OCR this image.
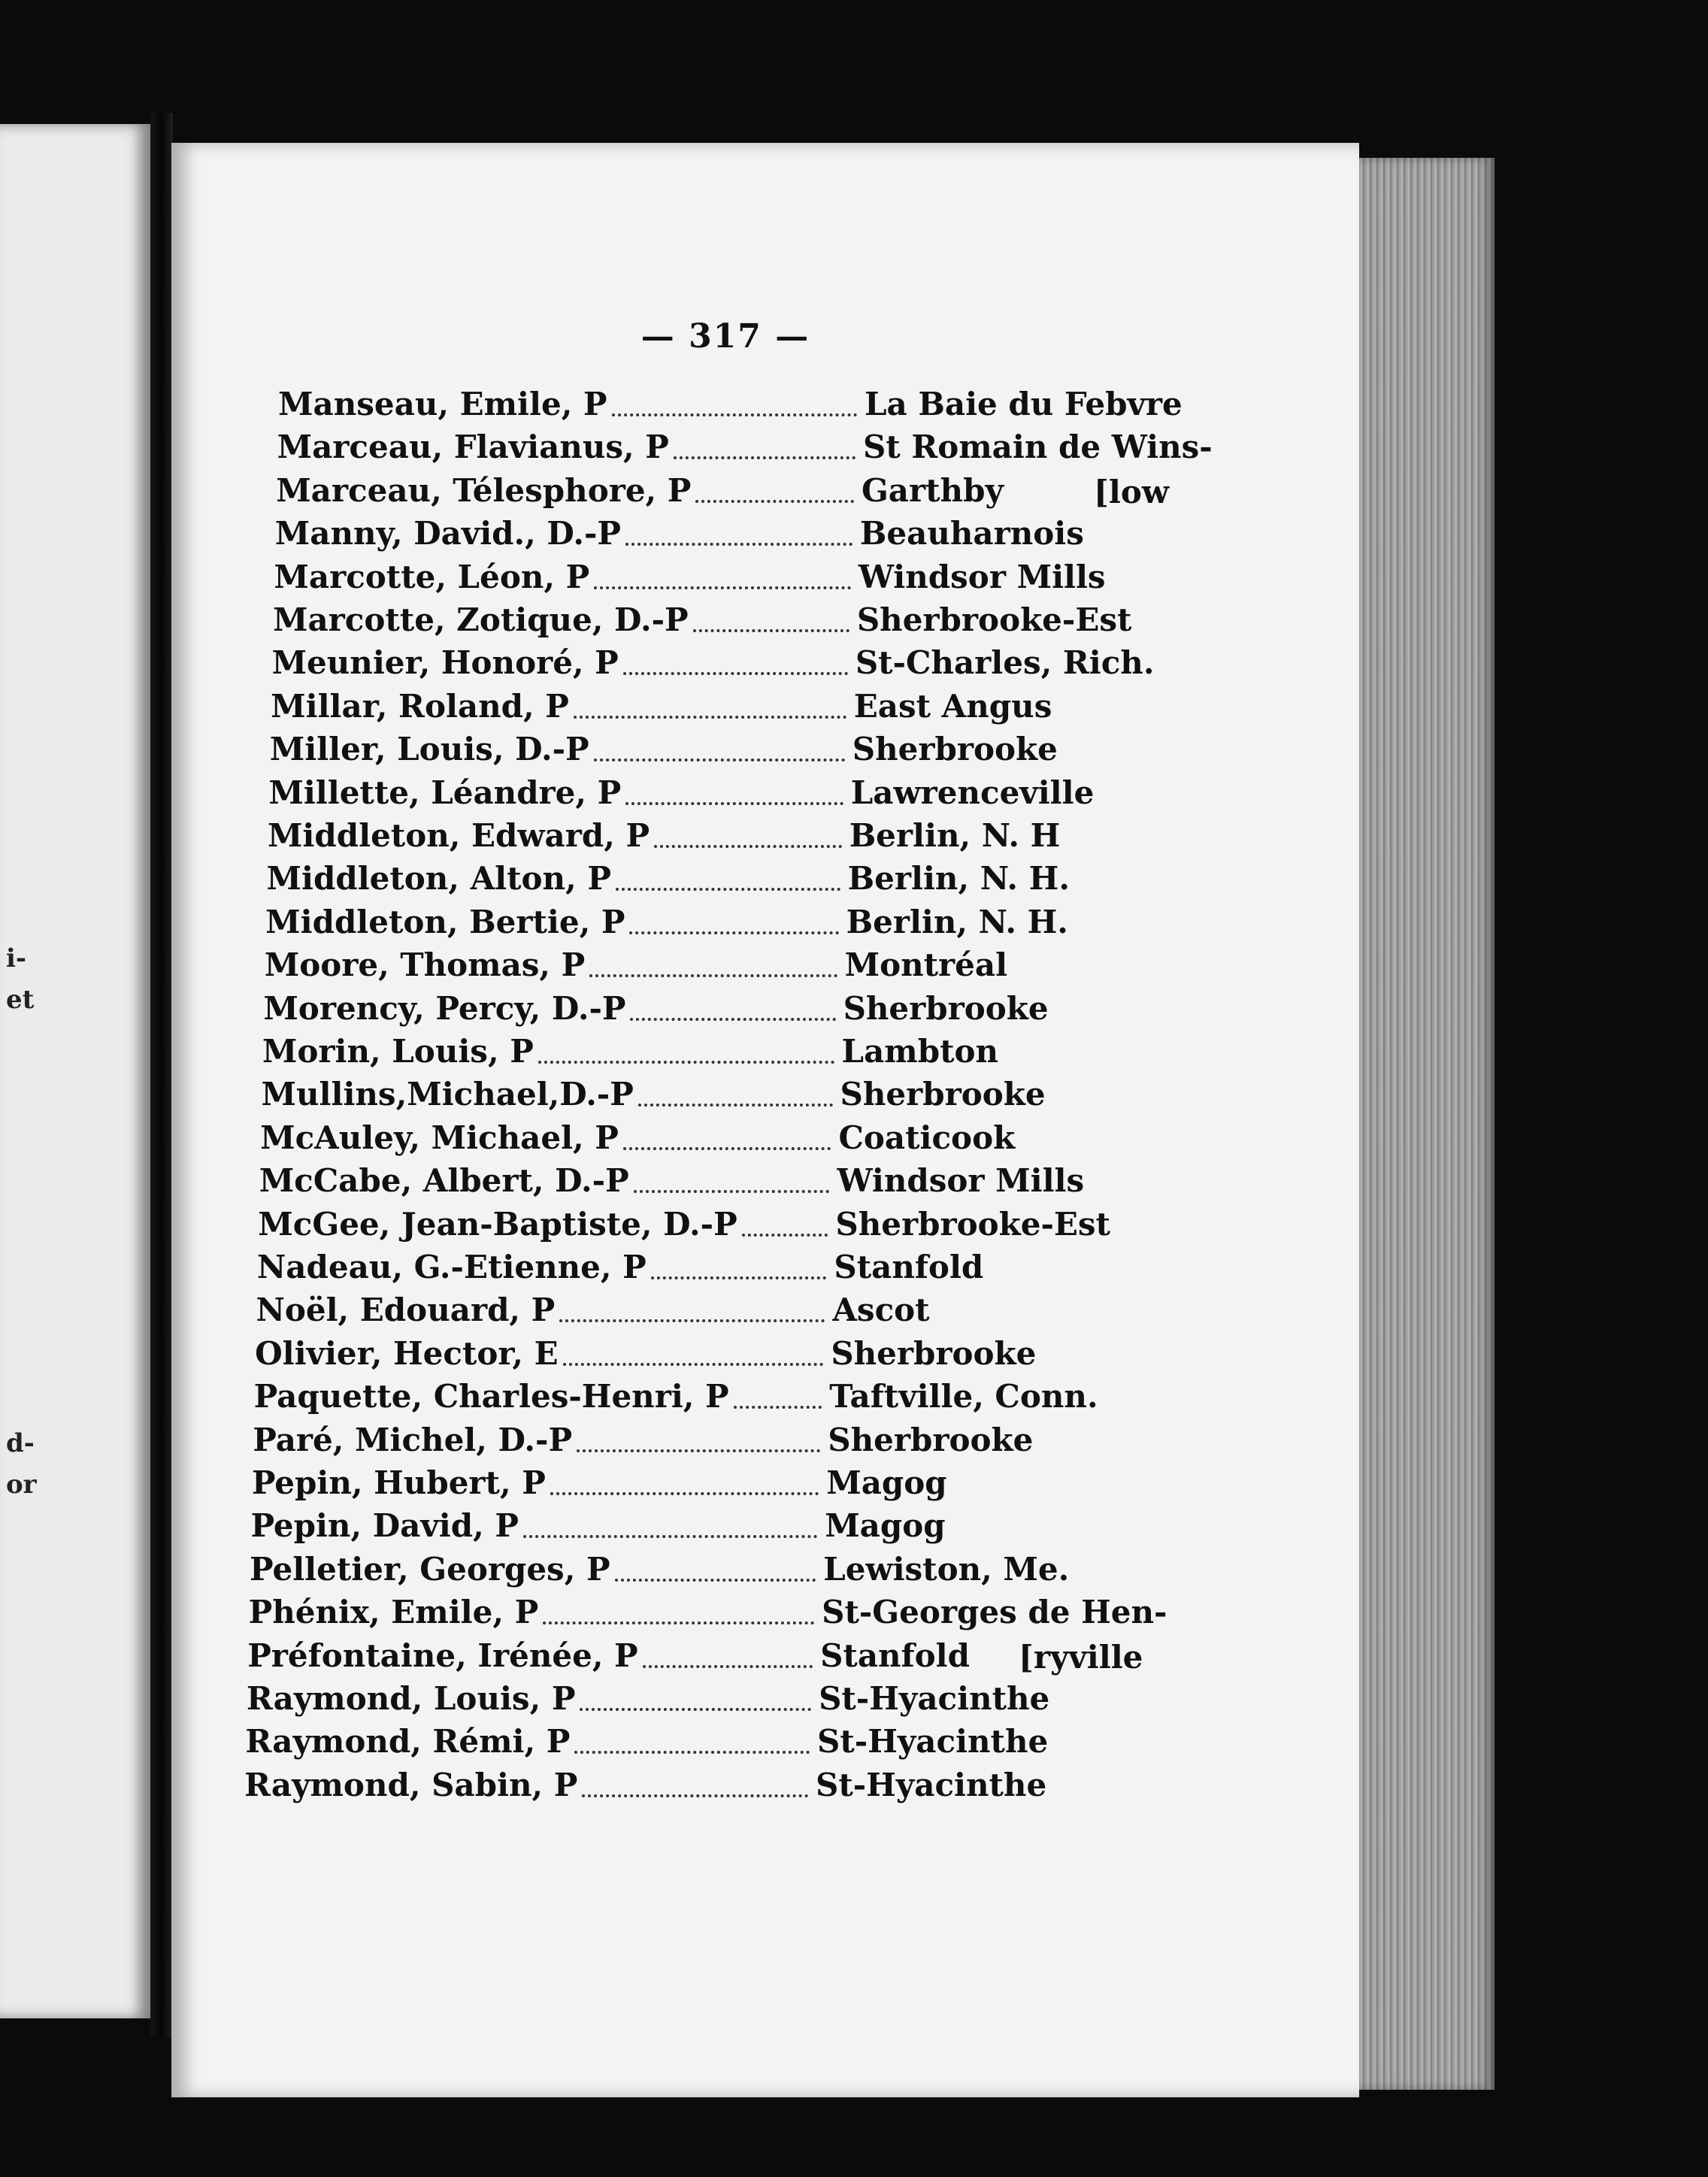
i-
et
d-
or
— 317 —
Manseau, Emile, P	La Baie du Febvre
Marceau, Flavianus, P	St Romain de Wins-
Marceau, Télesphore, P	Garthby	[low
Manny, David., D.-P	Beauharnois
Marcotte, Léon, P	Windsor Mills
Marcotte, Zotique, D.-P	Sherbrooke-Est
Meunier, Honoré, P	St-Charles, Rich.
Millar, Roland, P	East Angus
Miller, Louis, D.-P	Sherbrooke
Millette, Léandre, P	Lawrenceville
Middleton, Edward, P	Berlin, N. H
Middleton, Alton, P	Berlin, N. H.
Middleton, Bertie, P	Berlin, N. H.
Moore, Thomas, P	Montréal
Morency, Percy, D.-P	Sherbrooke
Morin, Louis, P	Lambton
Mullins,Michael,D.-P	Sherbrooke
McAuley, Michael, P	Coaticook
McCabe, Albert, D.-P	Windsor Mills
McGee, Jean-Baptiste, D.-P	Sherbrooke-Est
Nadeau, G.-Etienne, P	Stanfold
Noël, Edouard, P	Ascot
Olivier, Hector, E	Sherbrooke
Paquette, Charles-Henri, P	Taftville, Conn.
Paré, Michel, D.-P	Sherbrooke
Pepin, Hubert, P	Magog
Pepin, David, P	Magog
Pelletier, Georges, P	Lewiston, Me.
Phénix, Emile, P	St-Georges de Hen-
Préfontaine, Irénée, P	Stanfold [ryville
Raymond, Louis, P	St-Hyacinthe
Raymond, Rémi, P	St-Hyacinthe
Raymond, Sabin, P	St-Hyacinthe
